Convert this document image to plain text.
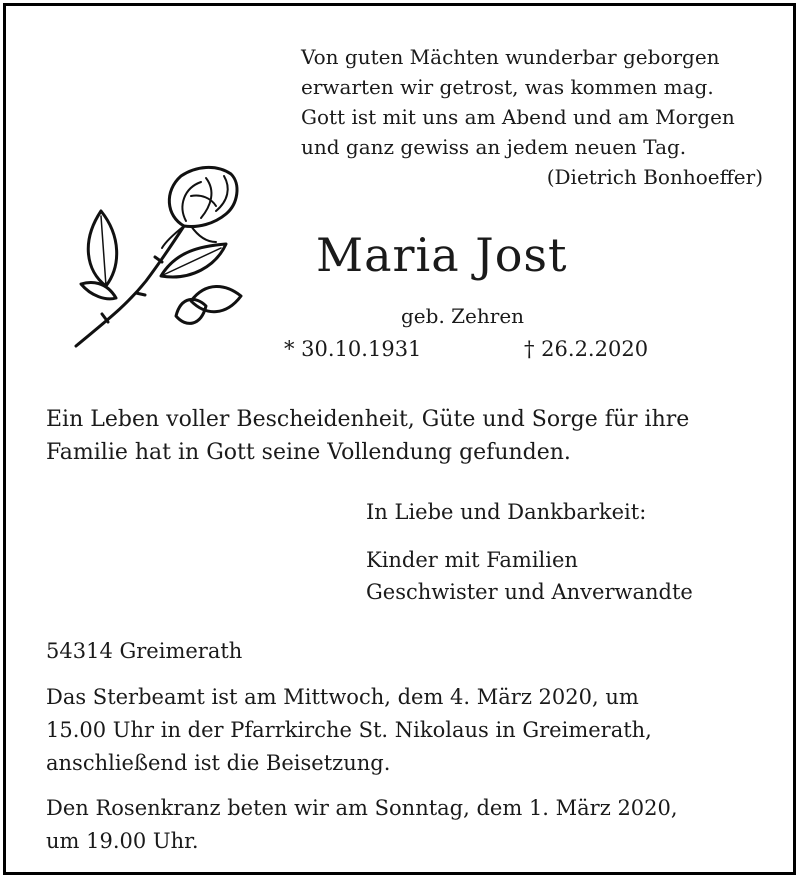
Von guten Mächten wunderbar geborgen
erwarten wir getrost, was kommen mag.
Gott ist mit uns am Abend und am Morgen
und ganz gewiss an jedem neuen Tag.
(Dietrich Bonhoeffer)
Maria Jost
geb. Zehren
* 30.10.1931	† 26.2.2020
Ein Leben voller Bescheidenheit, Güte und Sorge für ihre
Familie hat in Gott seine Vollendung gefunden.
In Liebe und Dankbarkeit:
Kinder mit Familien
Geschwister und Anverwandte
54314 Greimerath
Das Sterbeamt ist am Mittwoch, dem 4. März 2020, um
15.00 Uhr in der Pfarrkirche St. Nikolaus in Greimerath,
anschließend ist die Beisetzung.
Den Rosenkranz beten wir am Sonntag, dem 1. März 2020,
um 19.00 Uhr.
